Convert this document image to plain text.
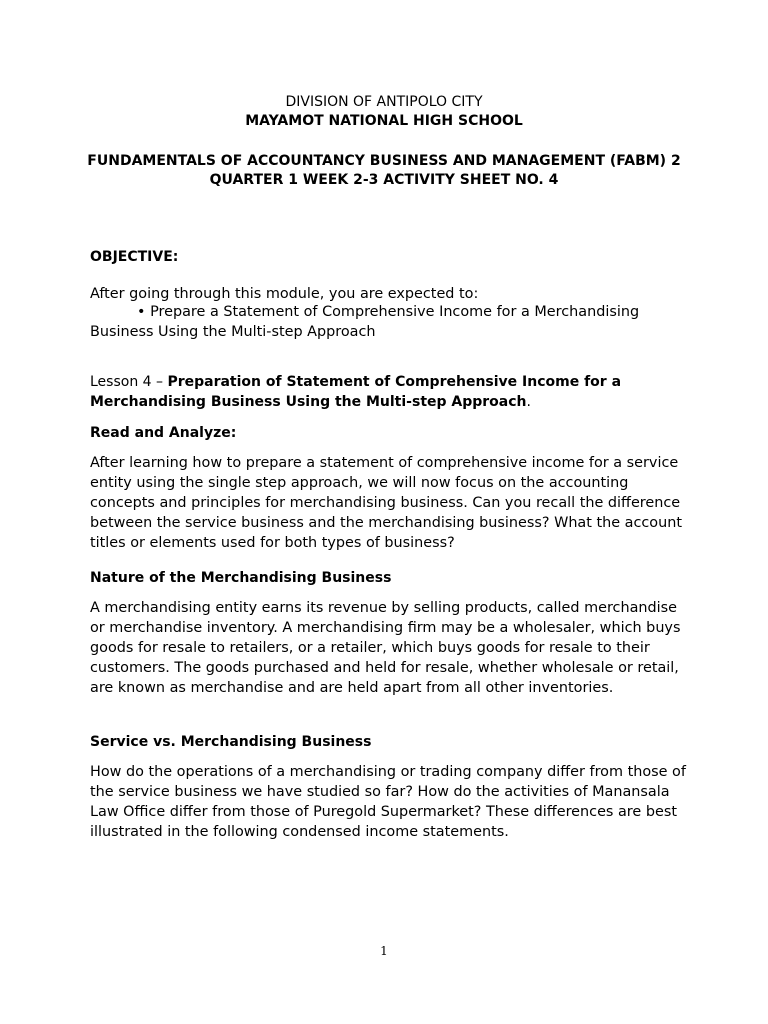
DIVISION OF ANTIPOLO CITY
MAYAMOT NATIONAL HIGH SCHOOL
FUNDAMENTALS OF ACCOUNTANCY BUSINESS AND MANAGEMENT (FABM) 2
QUARTER 1 WEEK 2-3 ACTIVITY SHEET NO. 4
OBJECTIVE:
After going through this module, you are expected to:
• Prepare a Statement of Comprehensive Income for a Merchandising Business Using the Multi-step Approach
Lesson 4 – Preparation of Statement of Comprehensive Income for a Merchandising Business Using the Multi-step Approach.
Read and Analyze:
After learning how to prepare a statement of comprehensive income for a service entity using the single step approach, we will now focus on the accounting concepts and principles for merchandising business. Can you recall the difference between the service business and the merchandising business? What the account titles or elements used for both types of business?
Nature of the Merchandising Business
A merchandising entity earns its revenue by selling products, called merchandise or merchandise inventory. A merchandising firm may be a wholesaler, which buys goods for resale to retailers, or a retailer, which buys goods for resale to their customers. The goods purchased and held for resale, whether wholesale or retail, are known as merchandise and are held apart from all other inventories.
Service vs. Merchandising Business
How do the operations of a merchandising or trading company differ from those of the service business we have studied so far? How do the activities of Manansala Law Office differ from those of Puregold Supermarket? These differences are best illustrated in the following condensed income statements.
1
